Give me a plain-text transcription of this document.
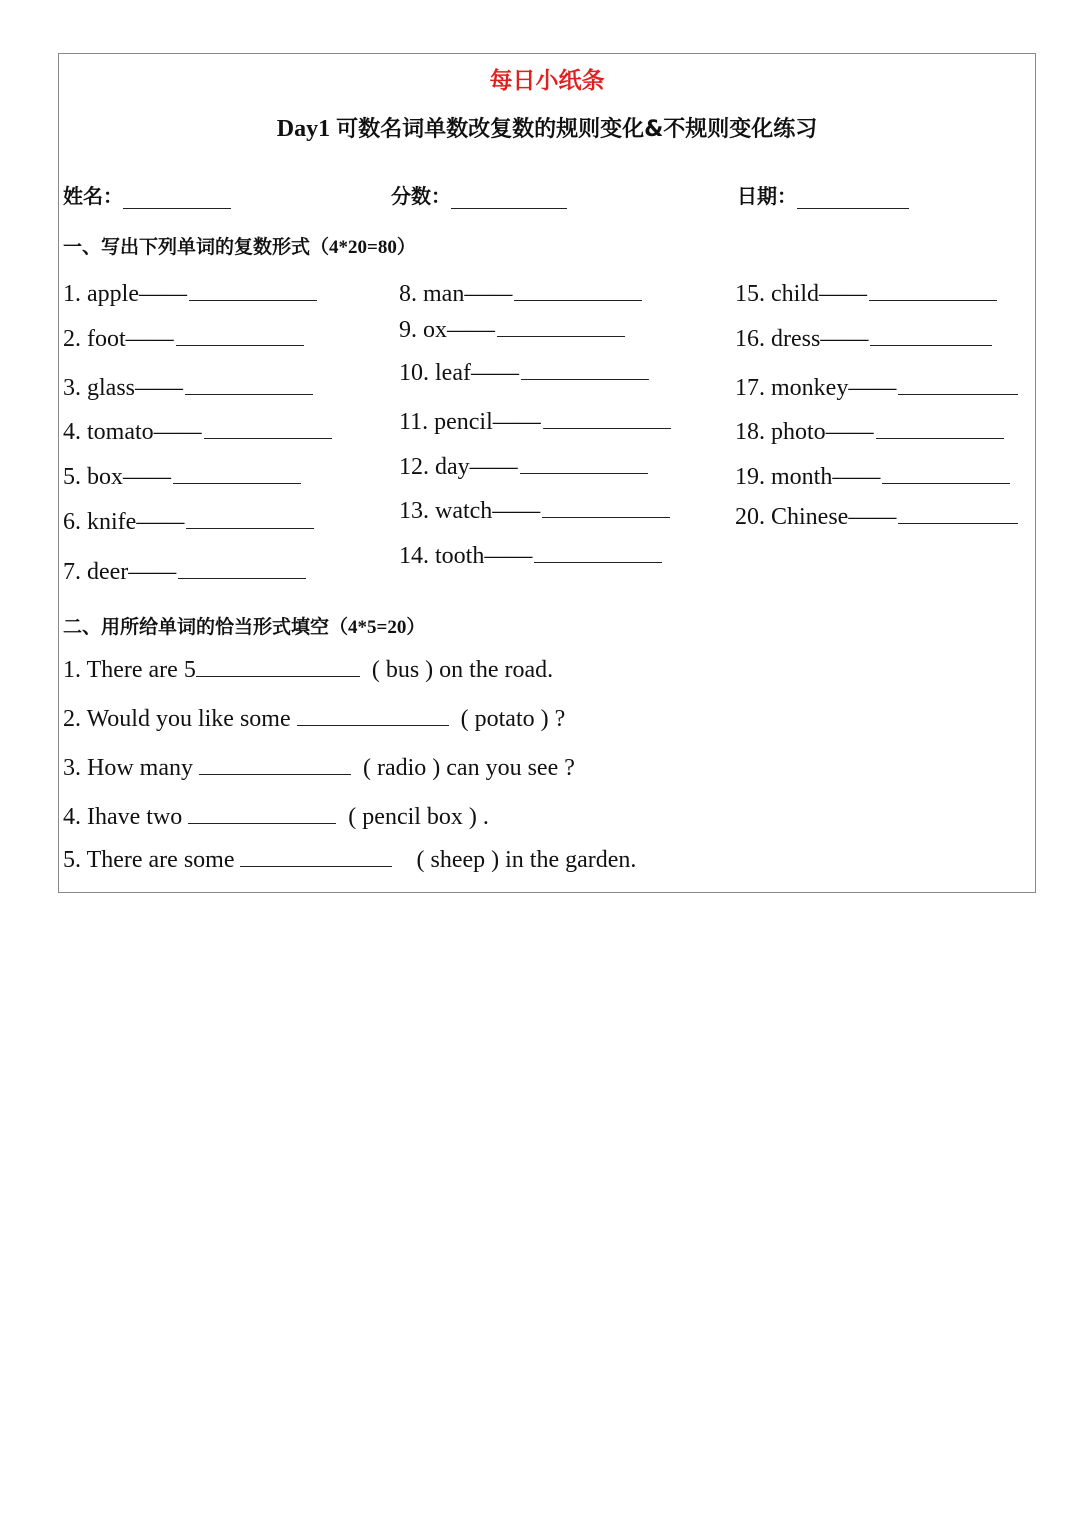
每日小纸条
Day1 可数名词单数改复数的规则变化&不规则变化练习
姓名：	分数：	日期：
一、写出下列单词的复数形式（4*20=80）
1. apple——
2. foot——
3. glass——
4. tomato——
5. box——
6. knife——
7. deer——
8. man——
9. ox——
10. leaf——
11. pencil——
12. day——
13. watch——
14. tooth——
15. child——
16. dress——
17. monkey——
18. photo——
19. month——
20. Chinese——
二、用所给单词的恰当形式填空（4*5=20）
1. There are 5	( bus ) on the road.
2. Would you like some	( potato ) ?
3. How many	( radio ) can you see ?
4. Ihave two	( pencil box ) .
5. There are some	( sheep ) in the garden.
